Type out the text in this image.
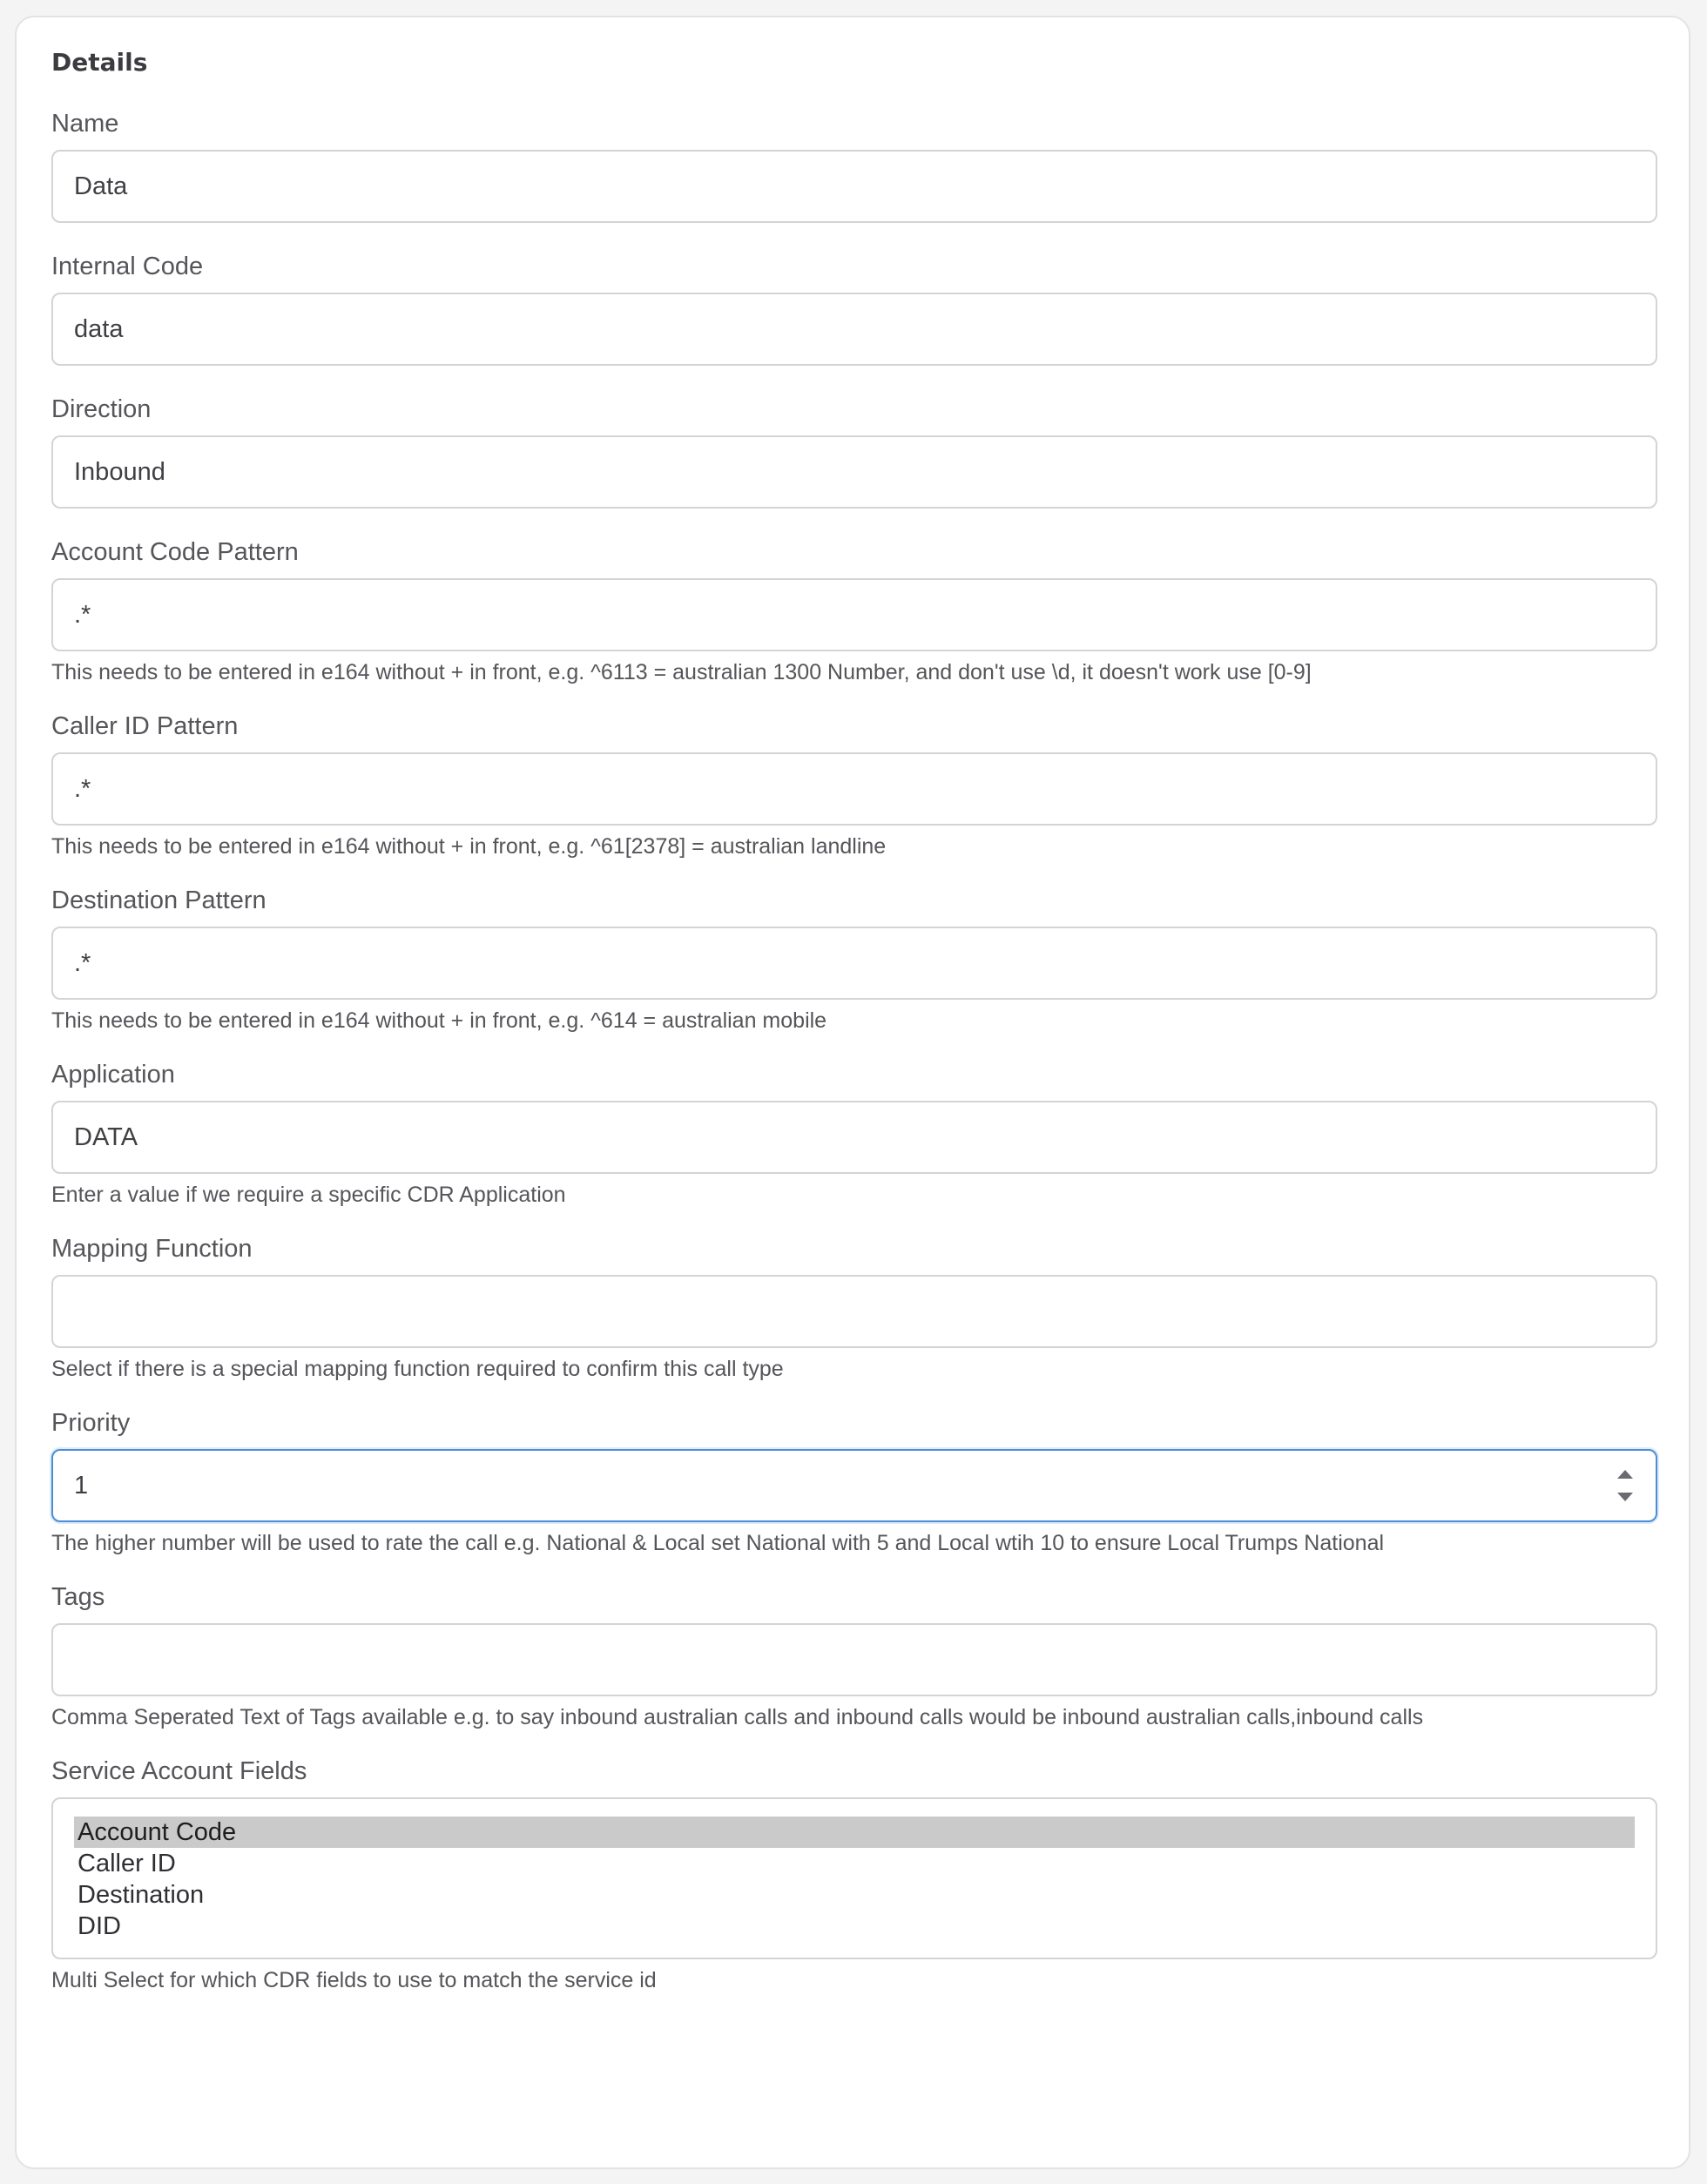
Details
Name
Data
Internal Code
data
Direction
Inbound
Account Code Pattern
.*
This needs to be entered in e164 without + in front, e.g. ^6113 = australian 1300 Number, and don't use \d, it doesn't work use [0-9]
Caller ID Pattern
.*
This needs to be entered in e164 without + in front, e.g. ^61[2378] = australian landline
Destination Pattern
.*
This needs to be entered in e164 without + in front, e.g. ^614 = australian mobile
Application
DATA
Enter a value if we require a specific CDR Application
Mapping Function
Select if there is a special mapping function required to confirm this call type
Priority
1
The higher number will be used to rate the call e.g. National & Local set National with 5 and Local wtih 10 to ensure Local Trumps National
Tags
Comma Seperated Text of Tags available e.g. to say inbound australian calls and inbound calls would be inbound australian calls,inbound calls
Service Account Fields
Account Code
Caller ID
Destination
DID
Multi Select for which CDR fields to use to match the service id
